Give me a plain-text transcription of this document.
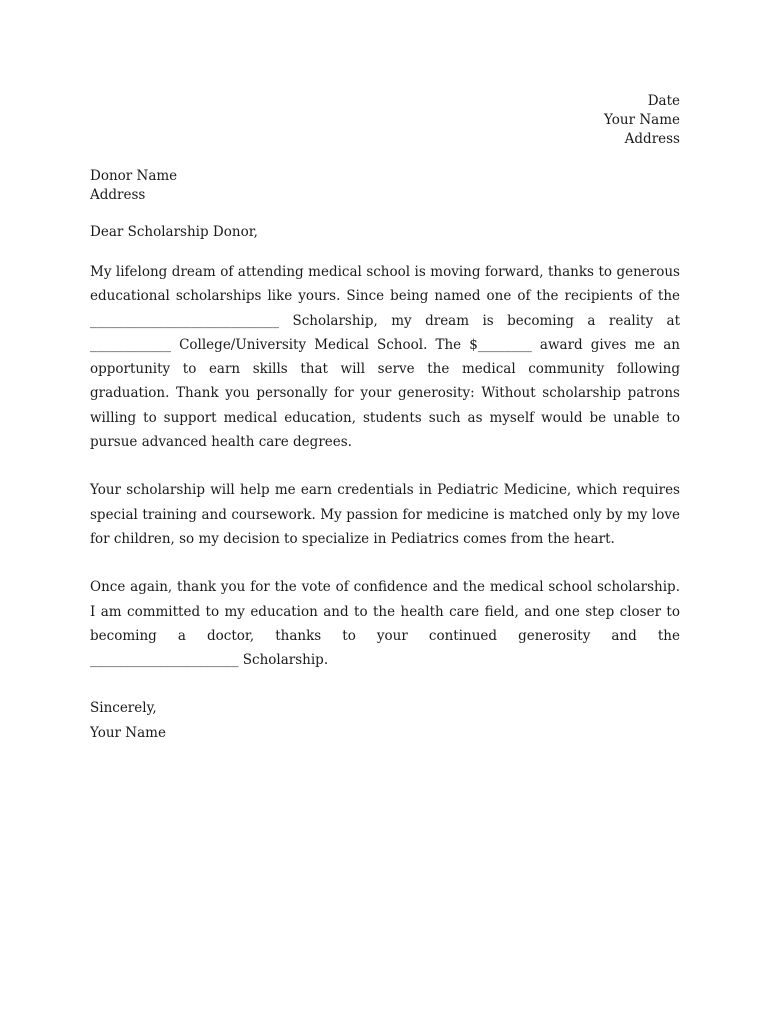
Date
Your Name
Address
Donor Name
Address
Dear Scholarship Donor,
My lifelong dream of attending medical school is moving forward, thanks to generous educational scholarships like yours. Since being named one of the recipients of the ____________________________ Scholarship, my dream is becoming a reality at ____________ College/University Medical School. The $________ award gives me an opportunity to earn skills that will serve the medical community following graduation. Thank you personally for your generosity: Without scholarship patrons willing to support medical education, students such as myself would be unable to pursue advanced health care degrees.
Your scholarship will help me earn credentials in Pediatric Medicine, which requires special training and coursework. My passion for medicine is matched only by my love for children, so my decision to specialize in Pediatrics comes from the heart.
Once again, thank you for the vote of confidence and the medical school scholarship. I am committed to my education and to the health care field, and one step closer to becoming a doctor, thanks to your continued generosity and the ______________________ Scholarship.
Sincerely,
Your Name
